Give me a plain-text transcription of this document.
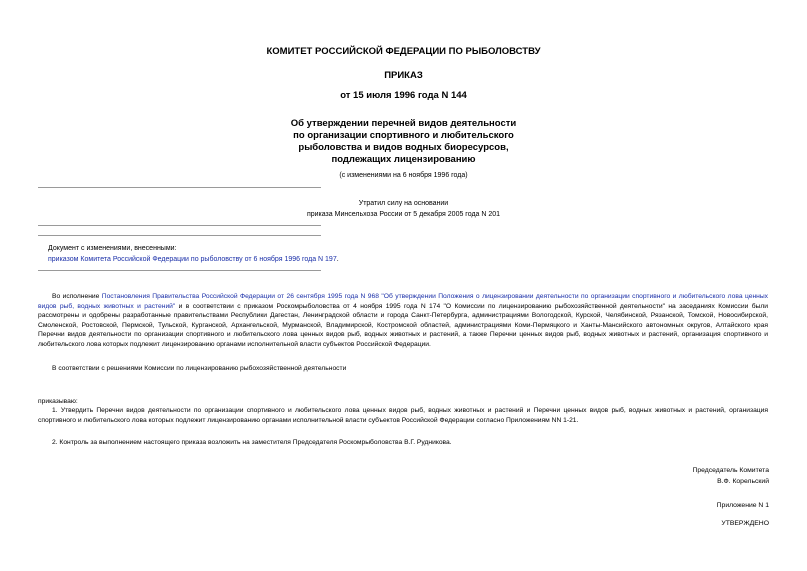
КОМИТЕТ РОССИЙСКОЙ ФЕДЕРАЦИИ ПО РЫБОЛОВСТВУ
ПРИКАЗ
от 15 июля 1996 года N 144
Об утверждении перечней видов деятельности
по организации спортивного и любительского
рыболовства и видов водных биоресурсов,
подлежащих лицензированию
(с изменениями на 6 ноября 1996 года)
Утратил силу на основании
приказа Минсельхоза России от 5 декабря 2005 года N 201
Документ с изменениями, внесенными:
приказом Комитета Российской Федерации по рыболовству от 6 ноября 1996 года N 197.
Во исполнение Постановления Правительства Российской Федерации от 26 сентября 1995 года N 968 "Об утверждении Положения о лицензировании деятельности по организации спортивного и любительского лова ценных видов рыб, водных животных и растений" и в соответствии с приказом Роскомрыболовства от 4 ноября 1995 года N 174 "О Комиссии по лицензированию рыбохозяйственной деятельности" на заседаниях Комиссии были рассмотрены и одобрены разработанные правительствами Республики Дагестан, Ленинградской области и города Санкт-Петербурга, администрациями Вологодской, Курской, Челябинской, Рязанской, Томской, Новосибирской, Смоленской, Ростовской, Пермской, Тульской, Курганской, Архангельской, Мурманской, Владимирской, Костромской областей, администрациями Коми-Пермяцкого и Ханты-Мансийского автономных округов, Алтайского края Перечни видов деятельности по организации спортивного и любительского лова ценных видов рыб, водных животных и растений, а также Перечни ценных видов рыб, водных животных и растений, организация спортивного и любительского лова которых подлежит лицензированию органами исполнительной власти субъектов Российской Федерации.
В соответствии с решениями Комиссии по лицензированию рыбохозяйственной деятельности
приказываю:
1. Утвердить Перечни видов деятельности по организации спортивного и любительского лова ценных видов рыб, водных животных и растений и Перечни ценных видов рыб, водных животных и растений, организация спортивного и любительского лова которых подлежит лицензированию органами исполнительной власти субъектов Российской Федерации согласно Приложениям NN 1-21.
2. Контроль за выполнением настоящего приказа возложить на заместителя Председателя Роскомрыболовства В.Г. Рудникова.
Председатель Комитета
В.Ф. Корельский
Приложение N 1
УТВЕРЖДЕНО
